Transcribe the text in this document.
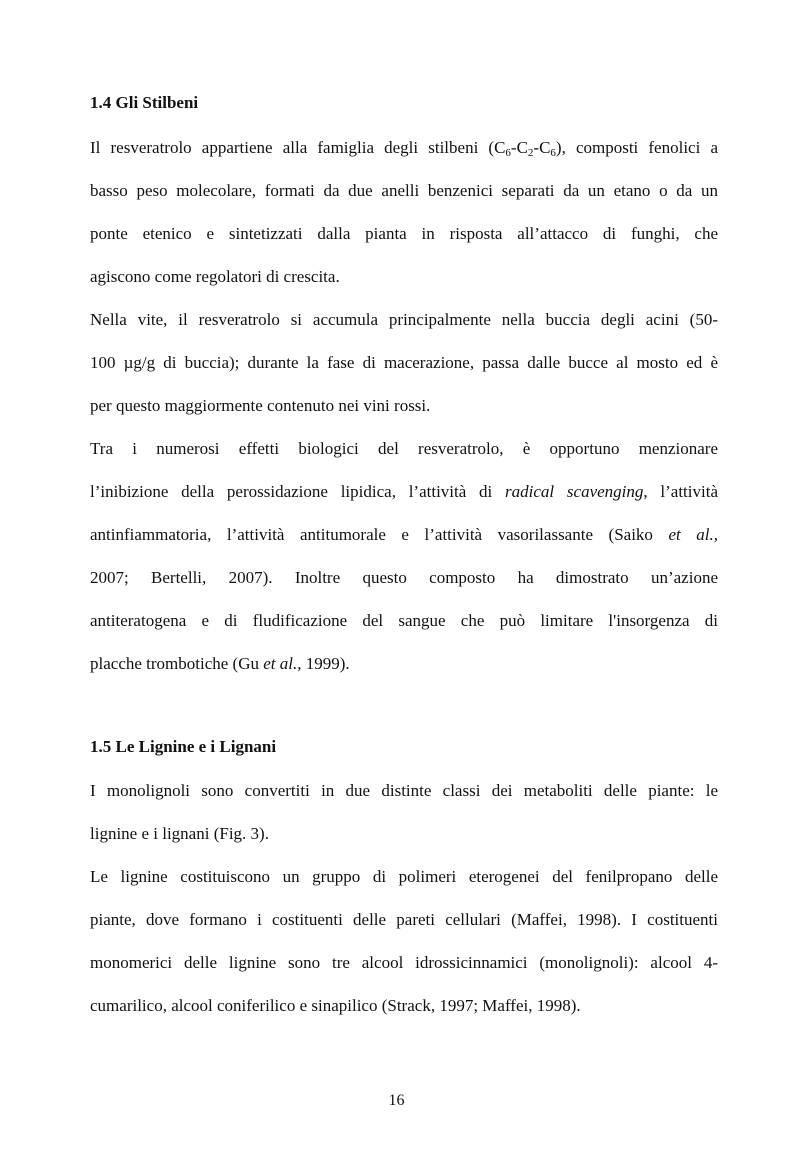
1.4 Gli Stilbeni

Il resveratrolo appartiene alla famiglia degli stilbeni $(C_6-C_2-C_6)$, composti fenolici a
basso peso molecolare, formati da due anelli benzenici separati da un etano o da un
ponte etenico e sintetizzati dalla pianta in risposta all’attacco di funghi, che
agiscono come regolatori di crescita.

Nella vite, il resveratrolo si accumula principalmente nella buccia degli acini (50-
100 µg/g di buccia); durante la fase di macerazione, passa dalle bucce al mosto ed è
per questo maggiormente contenuto nei vini rossi.

Tra i numerosi effetti biologici del resveratrolo, è opportuno menzionare
l’inibizione della perossidazione lipidica, l’attività di radical scavenging, l’attività
antinfiammatoria, l’attività antitumorale e l’attività vasorilassante (Saiko et al.,
2007; Bertelli, 2007). Inoltre questo composto ha dimostrato un’azione
antiteratogena e di fludificazione del sangue che può limitare l'insorgenza di
placche trombotiche (Gu et al., 1999).

1.5 Le Lignine e i Lignani

I monolignoli sono convertiti in due distinte classi dei metaboliti delle piante: le
lignine e i lignani (Fig. 3).

Le lignine costituiscono un gruppo di polimeri eterogenei del fenilpropano delle
piante, dove formano i costituenti delle pareti cellulari (Maffei, 1998). I costituenti
monomerici delle lignine sono tre alcool idrossicinnamici (monolignoli): alcool 4-
cumarilico, alcool coniferilico e sinapilico (Strack, 1997; Maffei, 1998).

16
